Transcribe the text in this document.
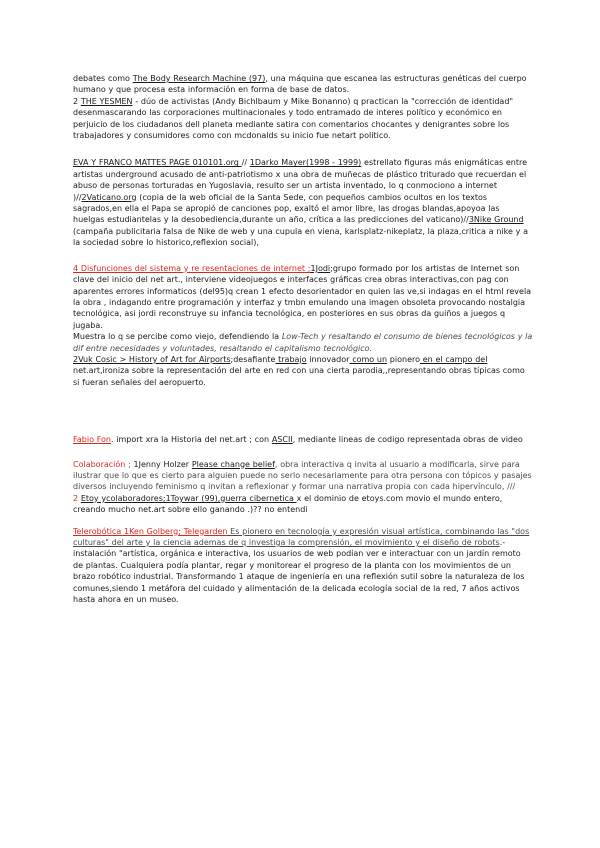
debates como The Body Research Machine (97), una máquina que escanea las estructuras genéticas del cuerpo humano y que procesa esta información en forma de base de datos.
2 THE YESMEN - dúo de activistas (Andy Bichlbaum y Mike Bonanno) q practican la "corrección de identidad" desenmascarando las corporaciones multinacionales y todo entramado de interes político y económico en perjuicio de los ciudadanos dell planeta mediante satira con comentarios chocantes y denigrantes sobre los trabajadores y consumidores como con mcdonalds su inicio fue netart politico.

EVA Y FRANCO MATTES PAGE 010101.org // 1Darko Mayer(1998 - 1999) estrellato figuras más enigmáticas entre artistas underground acusado de anti-patriotismo x una obra de muñecas de plástico triturado que recuerdan el abuso de personas torturadas en Yugoslavia, resulto ser un artista inventado, lo q conmociono a internet )//2Vaticano.org (copia de la web oficial de la Santa Sede, con pequeños cambios ocultos en los textos sagrados,en ella el Papa se apropió de canciones pop, exaltó el amor libre, las drogas blandas,apoyoa las huelgas estudiantelas y la desobediencia,durante un año, crítica a las predicciones del vaticano)//3Nike Ground (campaña publicitaria falsa de Nike de web y una cupula en viena, karlsplatz-nikeplatz, la plaza,critica a nike y a la sociedad sobre lo historico,reflexion social),

4 Disfunciones del sistema y re resentaciones de internet ;1Jodi;grupo formado por los artistas de Internet son clave del inicio del net art., interviene videojuegos e interfaces gráficas crea obras interactivas,con pag con aparentes errores informaticos (del95)q crean 1 efecto desorientador en quien las ve,si indagas en el html revela la obra , indagando entre programación y interfaz y tmbn emulando una imagen obsoleta provocando nostalgia tecnológica, asi jordi reconstruye su infancia tecnológica, en posteriores en sus obras da guiños a juegos q jugaba.
Muestra lo q se percibe como viejo, defendiendo la Low-Tech y resaltando el consumo de bienes tecnológicos y la dif entre necesidades y voluntades, resaltando el capitalismo tecnológico.
2Vuk Cosic > History of Art for Airports;desafiante trabajo innovador como un pionero en el campo del net.art,ironiza sobre la representación del arte en red con una cierta parodia,,representando obras típicas como si fueran señales del aeropuerto.

Fabio Fon. import xra la Historia del net.art ; con ASCII, mediante lineas de codigo representada obras de video

Colaboración ; 1Jenny Holzer Please change belief, obra interactiva q invita al usuario a modificarla, sirve para ilustrar que lo que es cierto para alguien puede no serlo necesariamente para otra persona con tópicos y pasajes diversos incluyendo feminismo q invitan a reflexionar y formar una narrativa propia con cada hipervínculo, ///
2 Etoy ycolaboradores;1Toywar (99),guerra cibernetica x el dominio de etoys.com movio el mundo entero, creando mucho net.art sobre ello ganando .)?? no entendi

Telerobótica 1Ken Golberg; Telegarden Es pionero en tecnología y expresión visual artística, combinando las "dos culturas" del arte y la ciencia ademas de q investiga la comprensión, el movimiento y el diseño de robots.- instalación "artística, orgánica e interactiva, los usuarios de web podían ver e interactuar con un jardín remoto de plantas. Cualquiera podía plantar, regar y monitorear el progreso de la planta con los movimientos de un brazo robótico industrial. Transformando 1 ataque de ingeniería en una reflexión sutil sobre la naturaleza de los comunes,siendo 1 metáfora del cuidado y alimentación de la delicada ecología social de la red, 7 años activos hasta ahora en un museo.
